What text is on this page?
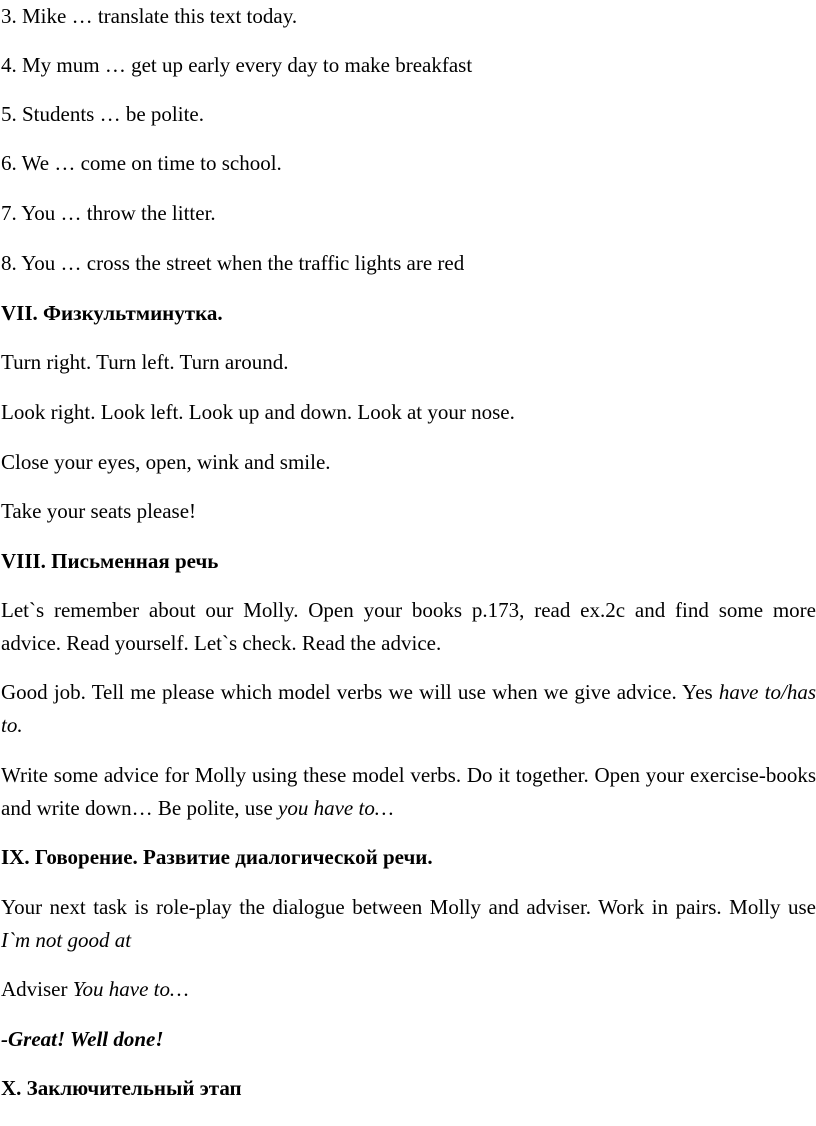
3. Mike … translate this text today.

4. My mum … get up early every day to make breakfast

5. Students … be polite.

6. We … come on time to school.

7. You … throw the litter.

8. You … cross the street when the traffic lights are red

VII. Физкультминутка.

Turn right. Turn left. Turn around.

Look right. Look left. Look up and down. Look at your nose.

Close your eyes, open, wink and smile.

Take your seats please!

VIII. Письменная речь

Let`s remember about our Molly. Open your books p.173, read ex.2c and find some more advice. Read yourself. Let`s check. Read the advice.

Good job. Tell me please which model verbs we will use when we give advice. Yes have to/has to.

Write some advice for Molly using these model verbs. Do it together. Open your exercise-books and write down… Be polite, use you have to…

IX. Говорение. Развитие диалогической речи.

Your next task is role-play the dialogue between Molly and adviser. Work in pairs. Molly use I`m not good at

Adviser You have to…

-Great! Well done!

X. Заключительный этап
